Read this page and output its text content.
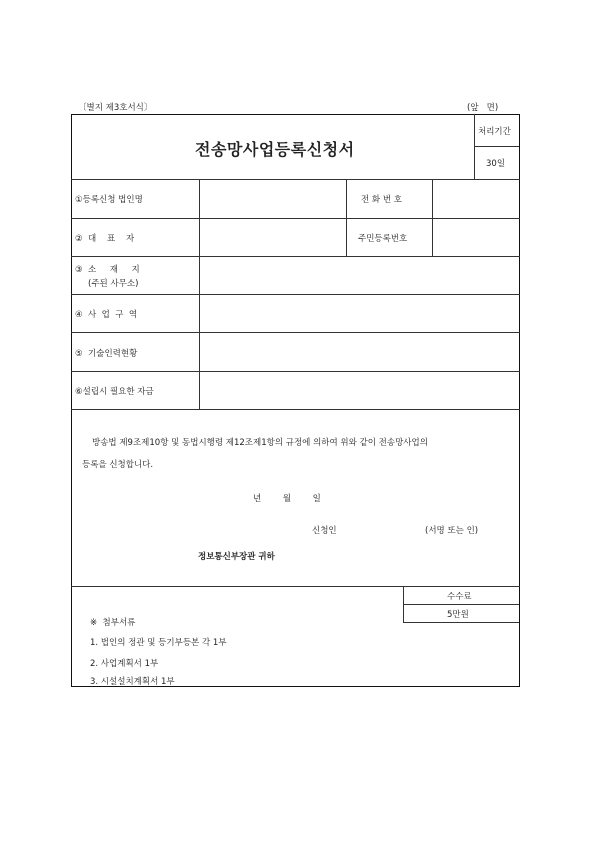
〔별지 제3호서식〕	(앞   면)
전송망사업등록신청서
처리기간
30일
①등록신청 법인명	전 화 번 호
②  대    표    자	주민등록번호
③  소     재     지
(주된 사무소)
④  사  업  구  역
⑤  기술인력현황
⑥설립시 필요한 자금
방송법 제9조제10항 및 동법시행령 제12조제1항의 규정에 의하여 위와 같이 전송망사업의
등록을 신청합니다.
년        월        일
신청인	(서명 또는 인)
정보통신부장관 귀하
수수료
5만원
※  첨부서류
1. 법인의 정관 및 등기부등본 각 1부
2. 사업계획서 1부
3. 시설설치계획서 1부
